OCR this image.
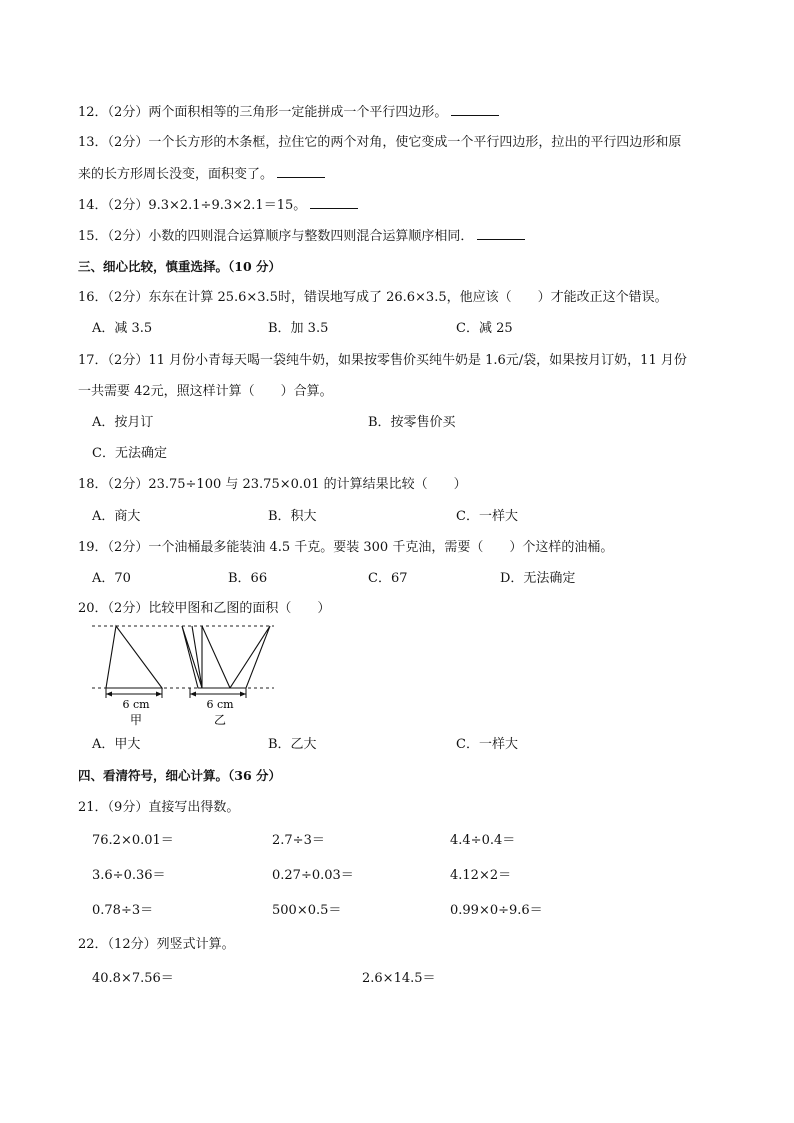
12．（2分）两个面积相等的三角形一定能拼成一个平行四边形。
13．（2分）一个长方形的木条框，拉住它的两个对角，使它变成一个平行四边形，拉出的平行四边形和原
来的长方形周长没变，面积变了。
14．（2分）9.3×2.1÷9.3×2.1＝15。
15．（2分）小数的四则混合运算顺序与整数四则混合运算顺序相同．
三、细心比较，慎重选择。（10 分）
16．（2分）东东在计算 25.6×3.5时，错误地写成了 26.6×3.5，他应该（　　）才能改正这个错误。
A．减 3.5	B．加 3.5	C．减 25
17．（2分）11 月份小青每天喝一袋纯牛奶，如果按零售价买纯牛奶是 1.6元/袋，如果按月订奶，11 月份
一共需要 42元，照这样计算（　　）合算。
A．按月订	B．按零售价买
C．无法确定
18．（2分）23.75÷100 与 23.75×0.01 的计算结果比较（　　）
A．商大	B．积大	C．一样大
19．（2分）一个油桶最多能装油 4.5 千克。要装 300 千克油，需要（　　）个这样的油桶。
A．70	B．66	C．67	D．无法确定
20．（2分）比较甲图和乙图的面积（　　）
6 cm	6 cm
甲	乙
A．甲大	B．乙大	C．一样大
四、看清符号，细心计算。（36 分）
21．（9分）直接写出得数。
76.2×0.01＝	2.7÷3＝	4.4÷0.4＝
3.6÷0.36＝	0.27÷0.03＝	4.12×2＝
0.78÷3＝	500×0.5＝	0.99×0÷9.6＝
22．（12分）列竖式计算。
40.8×7.56＝	2.6×14.5＝
